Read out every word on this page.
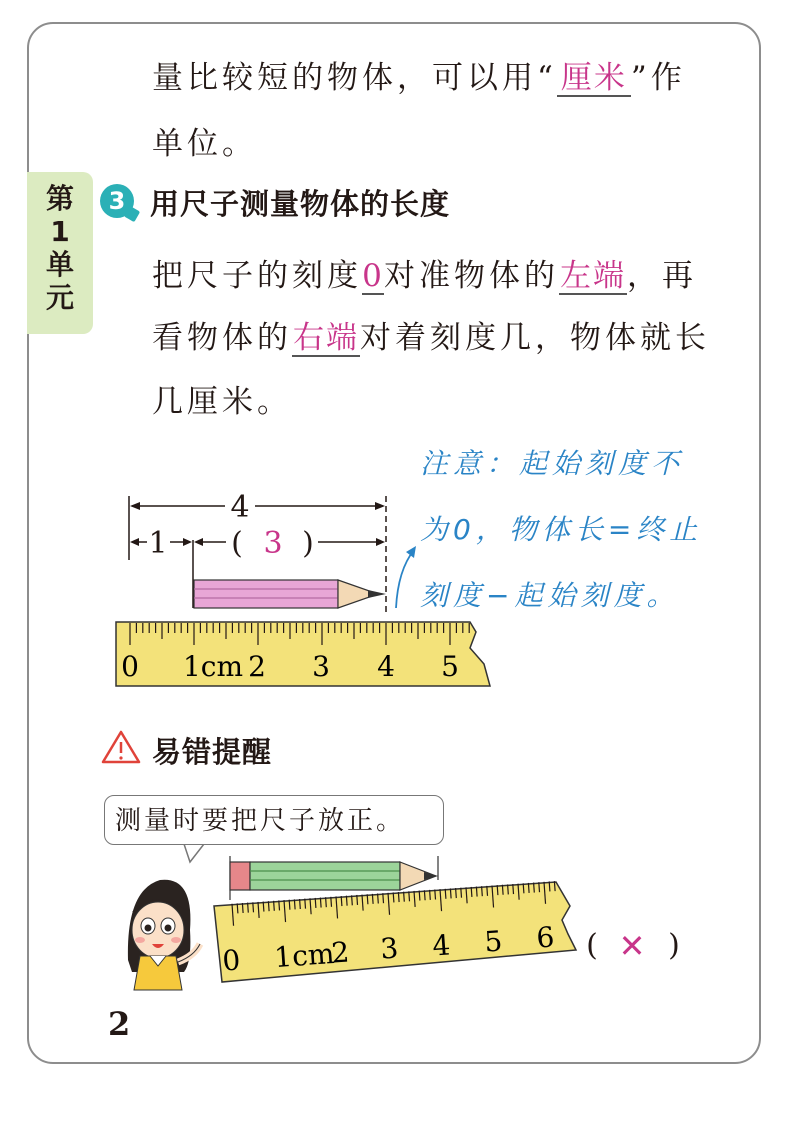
量比较短的物体，可以用“ 厘米 ”作
单位。
第
1
单
元
3 用尺子测量物体的长度
把尺子的刻度0对准物体的左端，再
看物体的右端对着刻度几，物体就长
几厘米。
注意：起始刻度不
为0，物体长=终止
刻度−起始刻度。
4
1 ( 3 )
0 1cm 2 3 4 5
0 1cm
2 3 4 5 6 ( ✕ )
易错提醒
测量时要把尺子放正。
2
